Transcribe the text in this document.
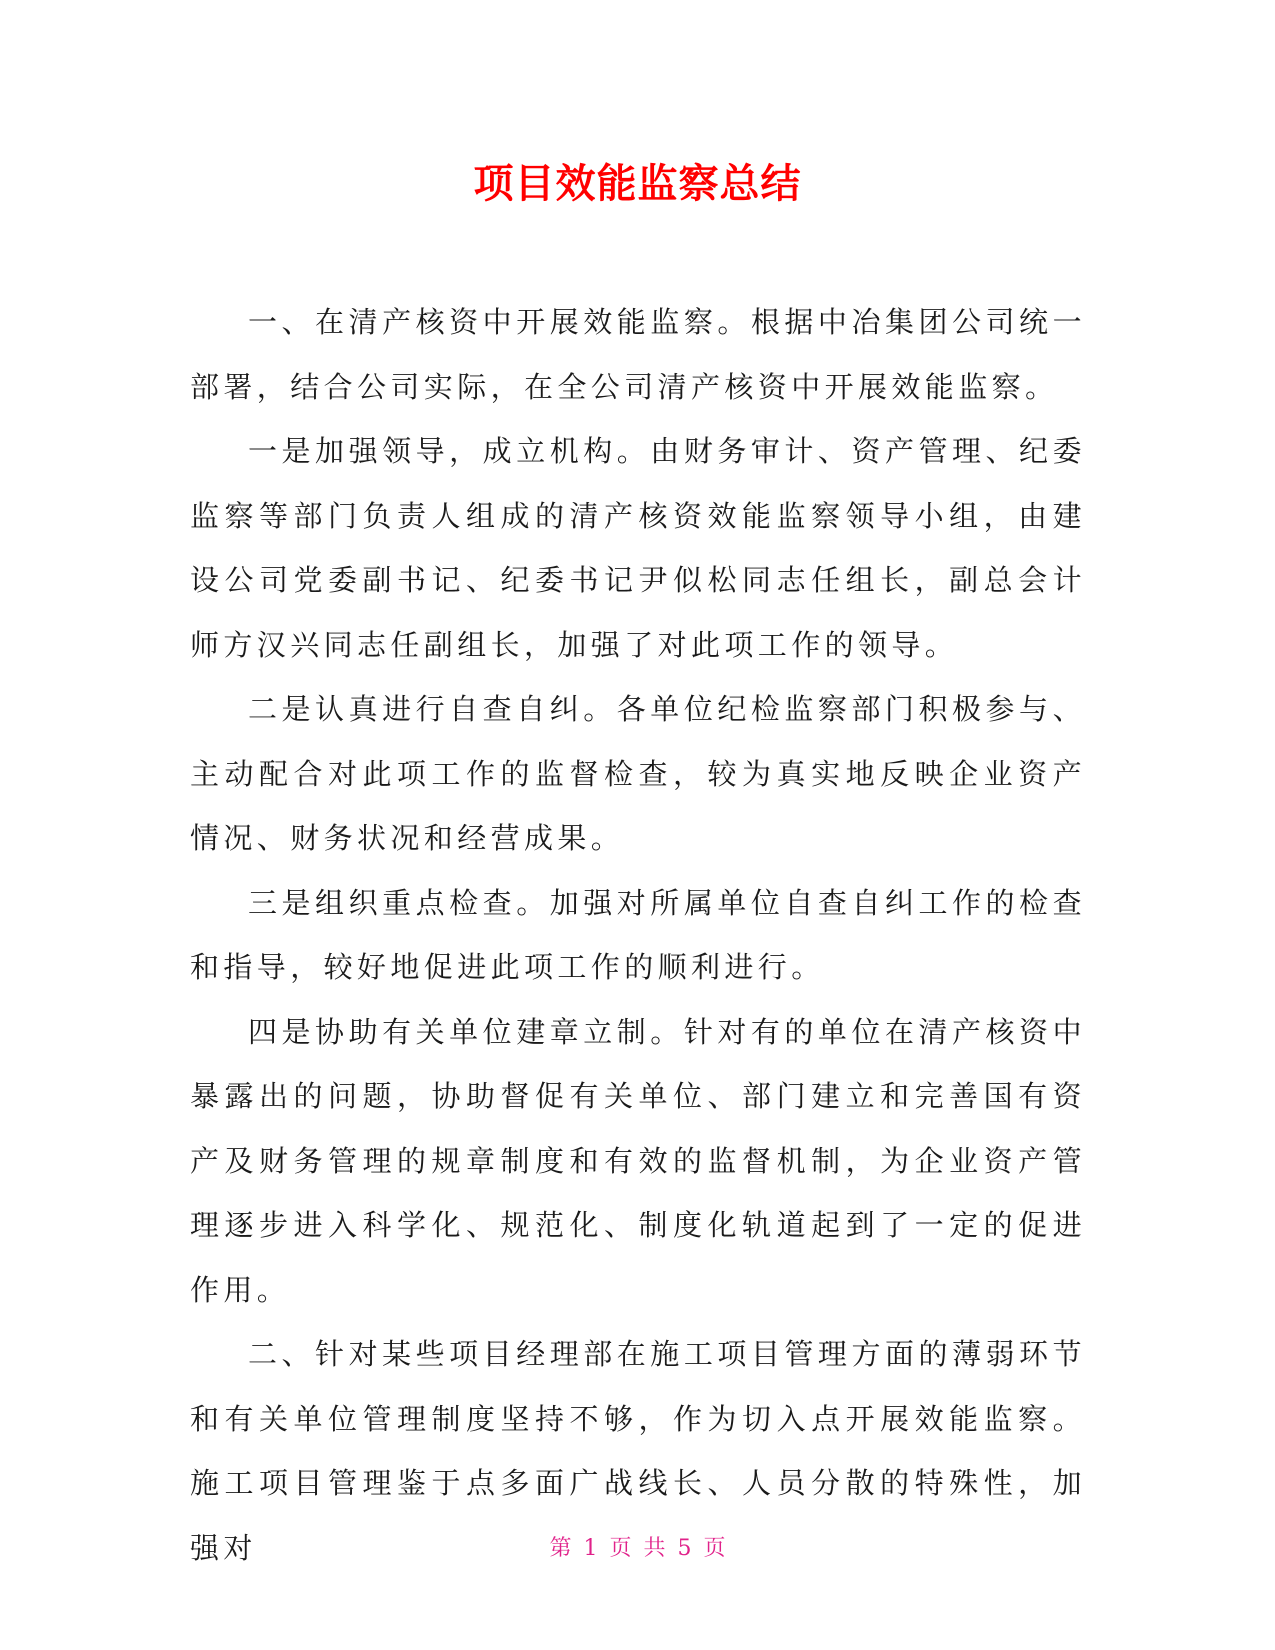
项目效能监察总结

一、在清产核资中开展效能监察。根据中冶集团公司统一部署，结合公司实际，在全公司清产核资中开展效能监察。

一是加强领导，成立机构。由财务审计、资产管理、纪委监察等部门负责人组成的清产核资效能监察领导小组，由建设公司党委副书记、纪委书记尹似松同志任组长，副总会计师方汉兴同志任副组长，加强了对此项工作的领导。

二是认真进行自查自纠。各单位纪检监察部门积极参与、主动配合对此项工作的监督检查，较为真实地反映企业资产情况、财务状况和经营成果。

三是组织重点检查。加强对所属单位自查自纠工作的检查和指导，较好地促进此项工作的顺利进行。

四是协助有关单位建章立制。针对有的单位在清产核资中暴露出的问题，协助督促有关单位、部门建立和完善国有资产及财务管理的规章制度和有效的监督机制，为企业资产管理逐步进入科学化、规范化、制度化轨道起到了一定的促进作用。

二、针对某些项目经理部在施工项目管理方面的薄弱环节和有关单位管理制度坚持不够，作为切入点开展效能监察。施工项目管理鉴于点多面广战线长、人员分散的特殊性，加强对	第 1 页 共 5 页
